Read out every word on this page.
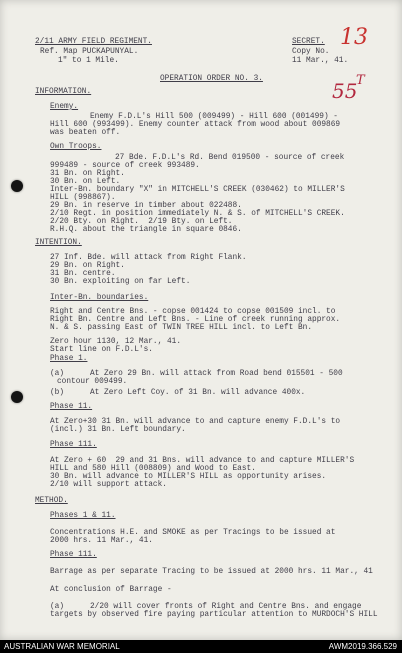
2/11 ARMY FIELD REGIMENT.
Ref. Map PUCKAPUNYAL.
1" to 1 Mile.
SECRET.
Copy No.
11 Mar., 41.
13
55
T
OPERATION ORDER NO. 3.
INFORMATION.
Enemy.
Enemy F.D.L's Hill 500 (009499) - Hill 600 (001499) -
Hill 600 (993499). Enemy counter attack from wood about 009869
was beaten off.
Own Troops.
27 Bde. F.D.L's Rd. Bend 019500 - source of creek
999489 - source of creek 993489.
31 Bn. on Right.
30 Bn. on Left.
Inter-Bn. boundary "X" in MITCHELL'S CREEK (030462) to MILLER'S
HILL (998867).
29 Bn. in reserve in timber about 022488.
2/10 Regt. in position immediately N. & S. of MITCHELL'S CREEK.
2/20 Bty. on Right.  2/19 Bty. on Left.
R.H.Q. about the triangle in square 0846.
INTENTION.
27 Inf. Bde. will attack from Right Flank.
29 Bn. on Right.
31 Bn. centre.
30 Bn. exploiting on far Left.
Inter-Bn. boundaries.
Right and Centre Bns. - copse 001424 to copse 001509 incl. to
Right Bn. Centre and Left Bns. - Line of creek running approx.
N. & S. passing East of TWIN TREE HILL incl. to Left Bn.
Zero hour 1130, 12 Mar., 41.
Start line on F.D.L's.
Phase 1.
(a)	At Zero 29 Bn. will attack from Road bend 015501 - 500
contour 009499.
(b)	At Zero Left Coy. of 31 Bn. will advance 400x.
Phase 11.
At Zero+30 31 Bn. will advance to and capture enemy F.D.L's to
(incl.) 31 Bn. Left boundary.
Phase 111.
At Zero + 60  29 and 31 Bns. will advance to and capture MILLER'S
HILL and 580 Hill (008809) and Wood to East.
30 Bn. will advance to MILLER'S HILL as opportunity arises.
2/10 will support attack.
METHOD.
Phases 1 & 11.
Concentrations H.E. and SMOKE as per Tracings to be issued at
2000 hrs. 11 Mar., 41.
Phase 111.
Barrage as per separate Tracing to be issued at 2000 hrs. 11 Mar., 41
At conclusion of Barrage -
(a)	2/20 will cover fronts of Right and Centre Bns. and engage
targets by observed fire paying particular attention to MURDOCH'S HILL
AUSTRALIAN WAR MEMORIAL	AWM2019.366.529
